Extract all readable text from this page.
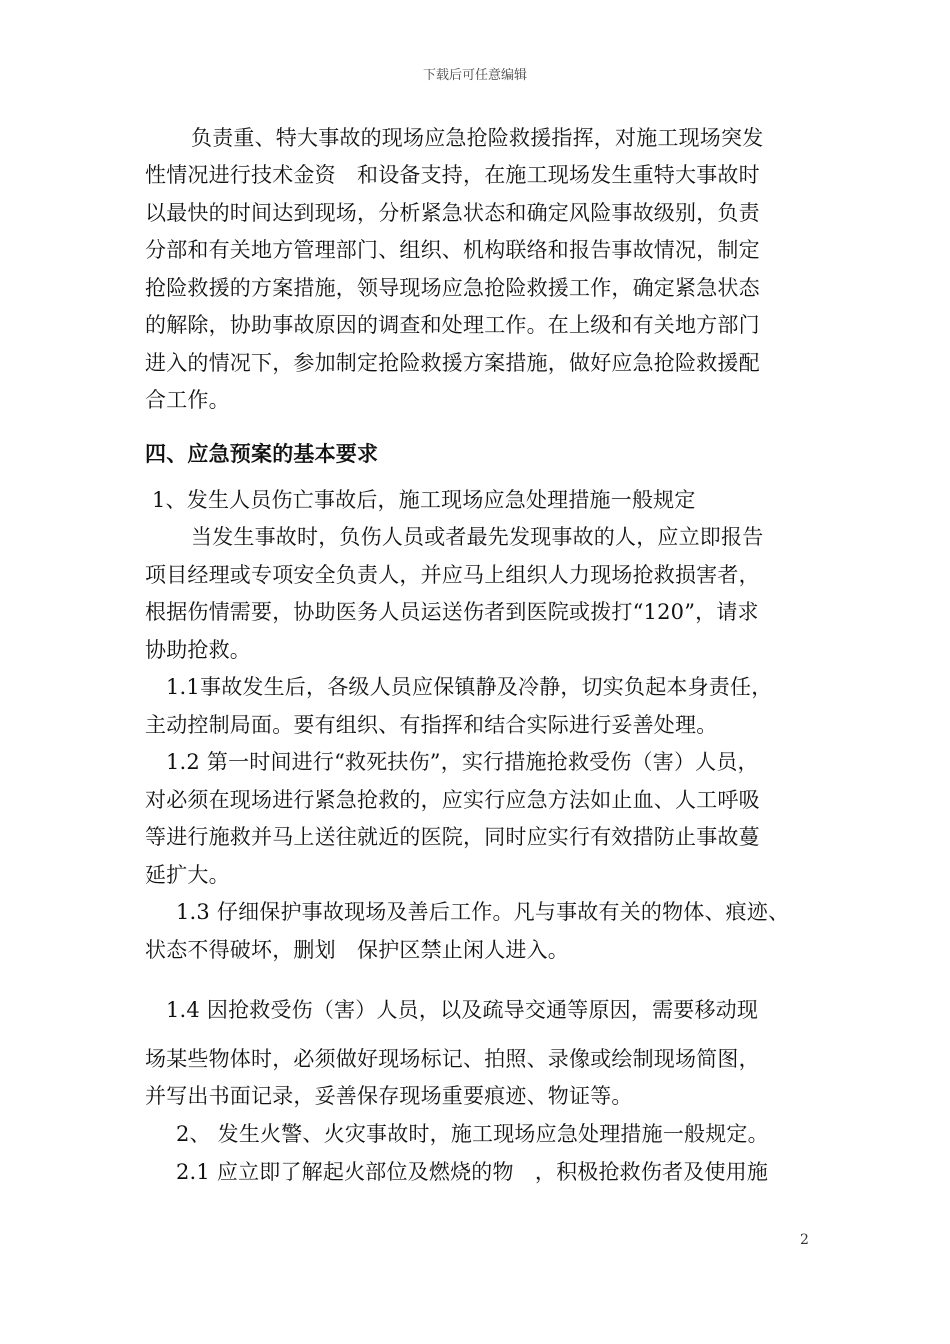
下载后可任意编辑
负责重、特大事故的现场应急抢险救援指挥，对施工现场突发
性情况进行技术金资　和设备支持，在施工现场发生重特大事故时
以最快的时间达到现场，分析紧急状态和确定风险事故级别，负责
分部和有关地方管理部门、组织、机构联络和报告事故情况，制定
抢险救援的方案措施，领导现场应急抢险救援工作，确定紧急状态
的解除，协助事故原因的调查和处理工作。在上级和有关地方部门
进入的情况下，参加制定抢险救援方案措施，做好应急抢险救援配
合工作。
四、应急预案的基本要求
1、发生人员伤亡事故后，施工现场应急处理措施一般规定
当发生事故时，负伤人员或者最先发现事故的人，应立即报告
项目经理或专项安全负责人，并应马上组织人力现场抢救损害者，
根据伤情需要，协助医务人员运送伤者到医院或拨打“120”，请求
协助抢救。
1.1事故发生后，各级人员应保镇静及冷静，切实负起本身责任，
主动控制局面。要有组织、有指挥和结合实际进行妥善处理。
1.2 第一时间进行“救死扶伤”，实行措施抢救受伤（害）人员，
对必须在现场进行紧急抢救的，应实行应急方法如止血、人工呼吸
等进行施救并马上送往就近的医院，同时应实行有效措防止事故蔓
延扩大。
1.3 仔细保护事故现场及善后工作。凡与事故有关的物体、痕迹、
状态不得破坏，删划　保护区禁止闲人进入。
1.4 因抢救受伤（害）人员，以及疏导交通等原因，需要移动现
场某些物体时，必须做好现场标记、拍照、录像或绘制现场简图，
并写出书面记录，妥善保存现场重要痕迹、物证等。
2、 发生火警、火灾事故时，施工现场应急处理措施一般规定。
2.1 应立即了解起火部位及燃烧的物　，积极抢救伤者及使用施
2
